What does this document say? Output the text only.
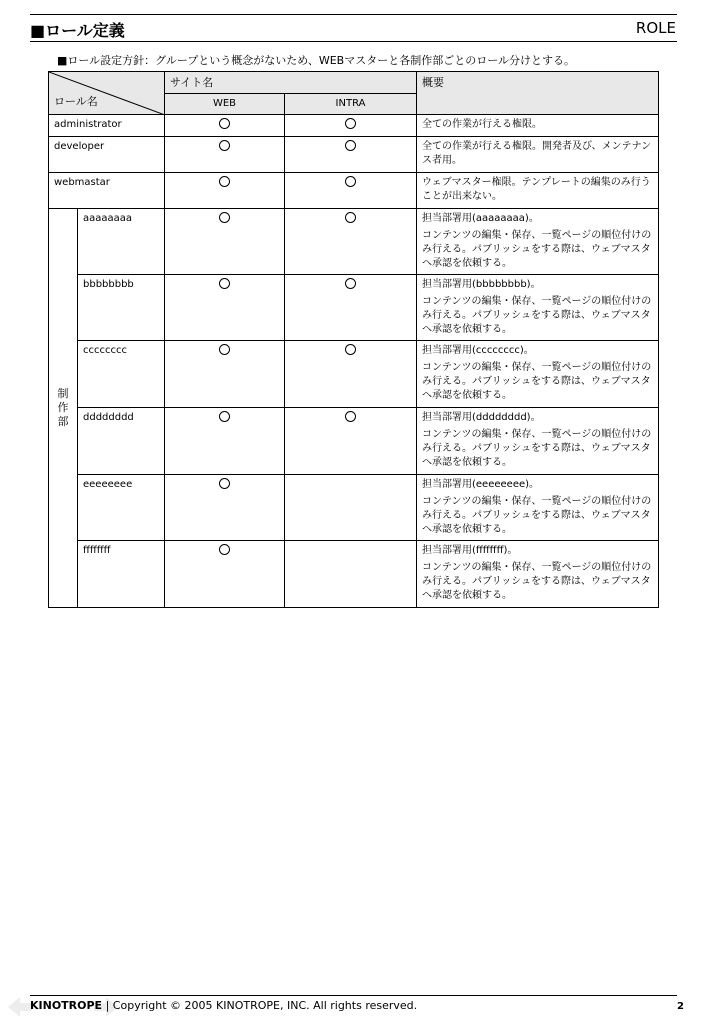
■ロール定義	ROLE
■ロール設定方針：グループという概念がないため、WEBマスターと各制作部ごとのロール分けとする。
ロール名		サイト名		概要
		WEB	INTRA	
administrator				全ての作業が行える権限。

developer				全ての作業が行える権限。開発者及び、メンテナンス者用。

webmastar				ウェブマスター権限。テンプレートの編集のみ行うことが出来ない。

制作部	aaaaaaaa			担当部署用(aaaaaaaa)。

コンテンツの編集・保存、一覧ページの順位付けのみ行える。パブリッシュをする際は、ウェブマスタへ承認を依頼する。

	bbbbbbbb			担当部署用(bbbbbbbb)。

コンテンツの編集・保存、一覧ページの順位付けのみ行える。パブリッシュをする際は、ウェブマスタへ承認を依頼する。

	cccccccc			担当部署用(cccccccc)。

コンテンツの編集・保存、一覧ページの順位付けのみ行える。パブリッシュをする際は、ウェブマスタへ承認を依頼する。

	dddddddd			担当部署用(dddddddd)。

コンテンツの編集・保存、一覧ページの順位付けのみ行える。パブリッシュをする際は、ウェブマスタへ承認を依頼する。

	eeeeeeee			担当部署用(eeeeeeee)。

コンテンツの編集・保存、一覧ページの順位付けのみ行える。パブリッシュをする際は、ウェブマスタへ承認を依頼する。

	ffffffff			担当部署用(ffffffff)。

コンテンツの編集・保存、一覧ページの順位付けのみ行える。パブリッシュをする際は、ウェブマスタへ承認を依頼する。

KINOTROPE | Copyright © 2005 KINOTROPE, INC. All rights reserved.	2
